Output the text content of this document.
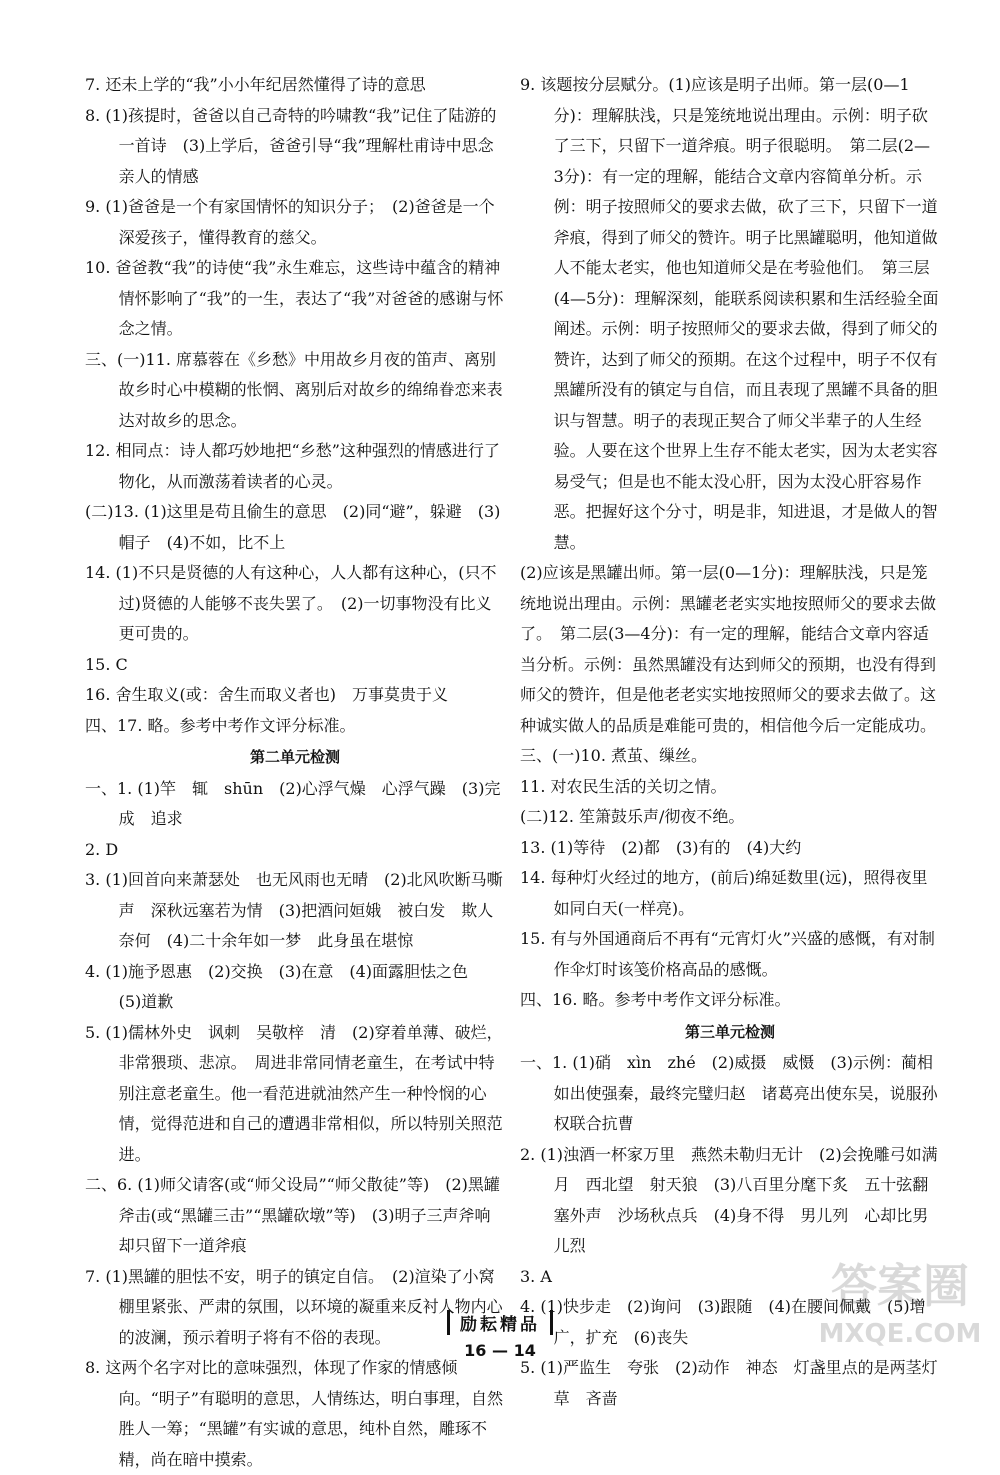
7. 还未上学的“我”小小年纪居然懂得了诗的意思

8. (1)孩提时，爸爸以自己奇特的吟啸教“我”记住了陆游的一首诗　(3)上学后，爸爸引导“我”理解杜甫诗中思念亲人的情感

9. (1)爸爸是一个有家国情怀的知识分子；　(2)爸爸是一个深爱孩子，懂得教育的慈父。

10. 爸爸教“我”的诗使“我”永生难忘，这些诗中蕴含的精神情怀影响了“我”的一生，表达了“我”对爸爸的感谢与怀念之情。

三、(一)11. 席慕蓉在《乡愁》中用故乡月夜的笛声、离别故乡时心中模糊的怅惘、离别后对故乡的绵绵眷恋来表达对故乡的思念。

12. 相同点：诗人都巧妙地把“乡愁”这种强烈的情感进行了物化，从而激荡着读者的心灵。

(二)13. (1)这里是苟且偷生的意思　(2)同“避”，躲避　(3)帽子　(4)不如，比不上

14. (1)不只是贤德的人有这种心，人人都有这种心，(只不过)贤德的人能够不丧失罢了。　(2)一切事物没有比义更可贵的。

15. C

16. 舍生取义(或：舍生而取义者也)　万事莫贵于义

四、17. 略。参考中考作文评分标准。

第二单元检测

一、1. (1)竿　辄　shūn　(2)心浮气燥　心浮气躁　(3)完成　追求

2. D

3. (1)回首向来萧瑟处　也无风雨也无晴　(2)北风吹断马嘶声　深秋远塞若为情　(3)把酒问姮娥　被白发　欺人奈何　(4)二十余年如一梦　此身虽在堪惊

4. (1)施予恩惠　(2)交换　(3)在意　(4)面露胆怯之色　(5)道歉

5. (1)儒林外史　讽刺　吴敬梓　清　(2)穿着单薄、破烂，非常猥琐、悲凉。　周进非常同情老童生，在考试中特别注意老童生。他一看范进就油然产生一种怜悯的心情，觉得范进和自己的遭遇非常相似，所以特别关照范进。

二、6. (1)师父请客(或“师父设局”“师父散徒”等)　(2)黑罐斧击(或“黑罐三击”“黑罐砍墩”等)　(3)明子三声斧响却只留下一道斧痕

7. (1)黑罐的胆怯不安，明子的镇定自信。　(2)渲染了小窝棚里紧张、严肃的氛围，以环境的凝重来反衬人物内心的波澜，预示着明子将有不俗的表现。

8. 这两个名字对比的意味强烈，体现了作家的情感倾向。“明子”有聪明的意思，人情练达，明白事理，自然胜人一筹；“黑罐”有实诚的意思，纯朴自然，雕琢不精，尚在暗中摸索。

9. 该题按分层赋分。(1)应该是明子出师。第一层(0—1分)：理解肤浅，只是笼统地说出理由。示例：明子砍了三下，只留下一道斧痕。明子很聪明。　第二层(2—3分)：有一定的理解，能结合文章内容简单分析。示例：明子按照师父的要求去做，砍了三下，只留下一道斧痕，得到了师父的赞许。明子比黑罐聪明，他知道做人不能太老实，他也知道师父是在考验他们。　第三层(4—5分)：理解深刻，能联系阅读积累和生活经验全面阐述。示例：明子按照师父的要求去做，得到了师父的赞许，达到了师父的预期。在这个过程中，明子不仅有黑罐所没有的镇定与自信，而且表现了黑罐不具备的胆识与智慧。明子的表现正契合了师父半辈子的人生经验。人要在这个世界上生存不能太老实，因为太老实容易受气；但是也不能太没心肝，因为太没心肝容易作恶。把握好这个分寸，明是非，知进退，才是做人的智慧。

(2)应该是黑罐出师。第一层(0—1分)：理解肤浅，只是笼统地说出理由。示例：黑罐老老实实地按照师父的要求去做了。　第二层(3—4分)：有一定的理解，能结合文章内容适当分析。示例：虽然黑罐没有达到师父的预期，也没有得到师父的赞许，但是他老老实实地按照师父的要求去做了。这种诚实做人的品质是难能可贵的，相信他今后一定能成功。

三、(一)10. 煮茧、缫丝。

11. 对农民生活的关切之情。

(二)12. 笙箫鼓乐声/彻夜不绝。

13. (1)等待　(2)都　(3)有的　(4)大约

14. 每种灯火经过的地方，(前后)绵延数里(远)，照得夜里如同白天(一样亮)。

15. 有与外国通商后不再有“元宵灯火”兴盛的感慨，有对制作伞灯时该笺价格高品的感慨。

四、16. 略。参考中考作文评分标准。

第三单元检测

一、1. (1)硝　xìn　zhé　(2)威摄　威慑　(3)示例：蔺相如出使强秦，最终完璧归赵　诸葛亮出使东吴，说服孙权联合抗曹

2. (1)浊酒一杯家万里　燕然未勒归无计　(2)会挽雕弓如满月　西北望　射天狼　(3)八百里分麾下炙　五十弦翻塞外声　沙场秋点兵　(4)身不得　男儿列　心却比男儿烈

3. A

4. (1)快步走　(2)询问　(3)跟随　(4)在腰间佩戴　(5)增广，扩充　(6)丧失

5. (1)严监生　夸张　(2)动作　神态　灯盏里点的是两茎灯草　吝啬

励耘精品
16 — 14
答案圈
MXQE.COM
